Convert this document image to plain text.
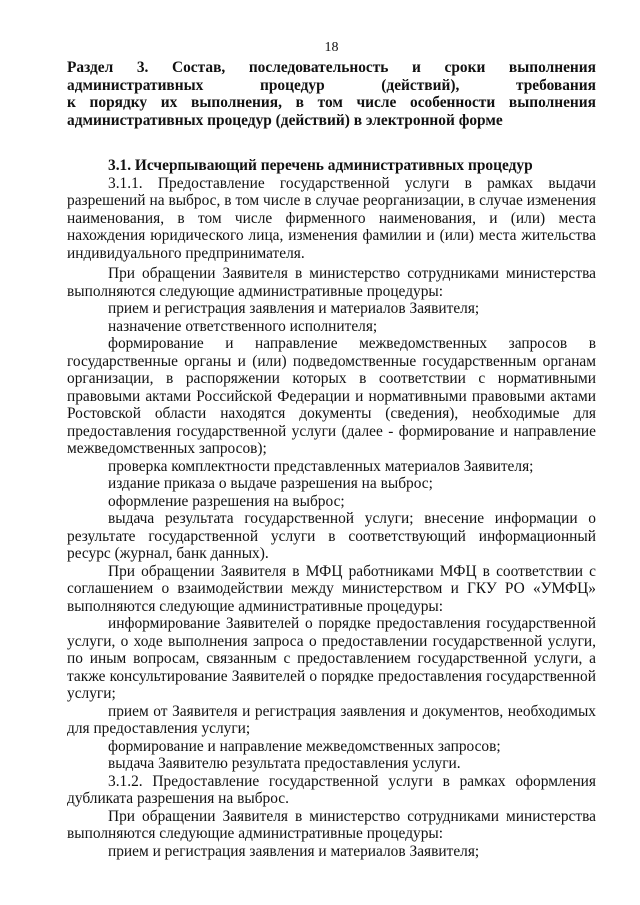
18
Раздел 3. Состав, последовательность и сроки выполнения
административных процедур (действий), требования
к порядку их выполнения, в том числе особенности выполнения
административных процедур (действий) в электронной форме
3.1. Исчерпывающий перечень административных процедур

3.1.1. Предоставление государственной услуги в рамках выдачи разрешений на выброс, в том числе в случае реорганизации, в случае изменения наименования, в том числе фирменного наименования, и (или) места нахождения юридического лица, изменения фамилии и (или) места жительства индивидуального предпринимателя.

При обращении Заявителя в министерство сотрудниками министерства выполняются следующие административные процедуры:

прием и регистрация заявления и материалов Заявителя;

назначение ответственного исполнителя;

формирование и направление межведомственных запросов в государственные органы и (или) подведомственные государственным органам организации, в распоряжении которых в соответствии с нормативными правовыми актами Российской Федерации и нормативными правовыми актами Ростовской области находятся документы (сведения), необходимые для предоставления государственной услуги (далее - формирование и направление межведомственных запросов);

проверка комплектности представленных материалов Заявителя;

издание приказа о выдаче разрешения на выброс;

оформление разрешения на выброс;

выдача результата государственной услуги; внесение информации о результате государственной услуги в соответствующий информационный ресурс (журнал, банк данных).

При обращении Заявителя в МФЦ работниками МФЦ в соответствии с соглашением о взаимодействии между министерством и ГКУ РО «УМФЦ» выполняются следующие административные процедуры:

информирование Заявителей о порядке предоставления государственной услуги, о ходе выполнения запроса о предоставлении государственной услуги, по иным вопросам, связанным с предоставлением государственной услуги, а также консультирование Заявителей о порядке предоставления государственной услуги;

прием от Заявителя и регистрация заявления и документов, необходимых для предоставления услуги;

формирование и направление межведомственных запросов;

выдача Заявителю результата предоставления услуги.

3.1.2. Предоставление государственной услуги в рамках оформления дубликата разрешения на выброс.

При обращении Заявителя в министерство сотрудниками министерства выполняются следующие административные процедуры:

прием и регистрация заявления и материалов Заявителя;
